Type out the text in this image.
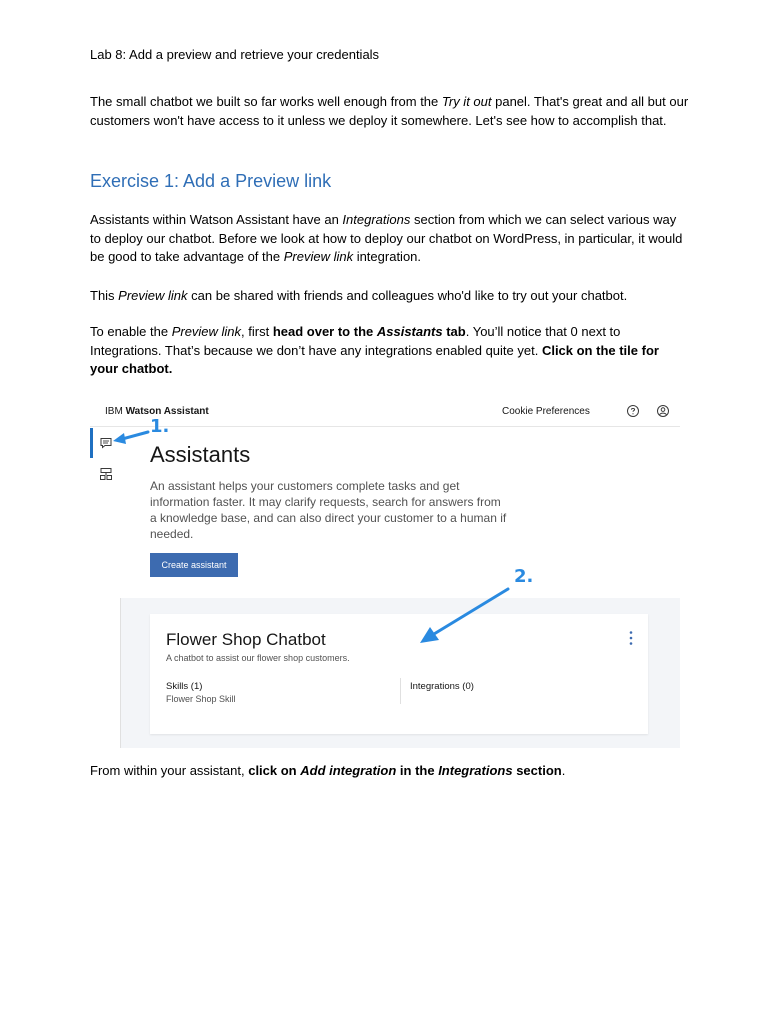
Lab 8: Add a preview and retrieve your credentials

The small chatbot we built so far works well enough from the Try it out panel. That's great and all but our customers won't have access to it unless we deploy it somewhere. Let's see how to accomplish that.

Exercise 1: Add a Preview link

Assistants within Watson Assistant have an Integrations section from which we can select various way to deploy our chatbot. Before we look at how to deploy our chatbot on WordPress, in particular, it would be good to take advantage of the Preview link integration.

This Preview link can be shared with friends and colleagues who'd like to try out your chatbot.

To enable the Preview link, first head over to the Assistants tab. You’ll notice that 0 next to Integrations. That’s because we don’t have any integrations enabled quite yet. Click on the tile for your chatbot.

From within your assistant, click on Add integration in the Integrations section.

IBM Watson Assistant	Cookie Preferences
Assistants
An assistant helps your customers complete tasks and get information faster. It may clarify requests, search for answers from a knowledge base, and can also direct your customer to a human if needed.
Create assistant
Flower Shop Chatbot
A chatbot to assist our flower shop customers.
Skills (1)
Flower Shop Skill
Integrations (0)
1.
2.
